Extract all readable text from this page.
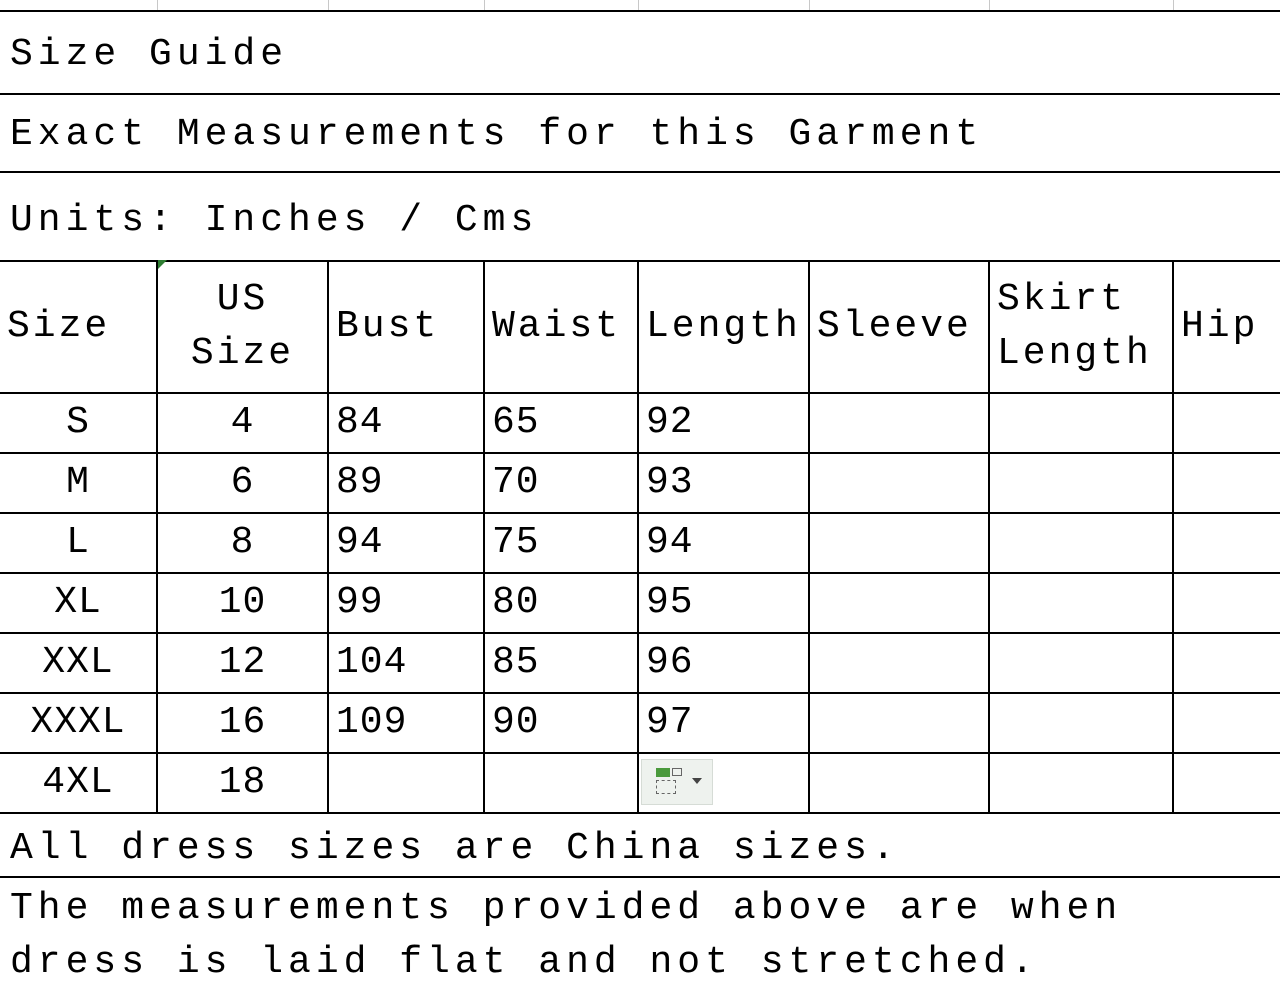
Size Guide
Exact Measurements for this Garment
Units: Inches / Cms
Size	US Size	Bust	Waist	Length	Sleeve	Skirt Length	Hip
S	4	84	65	92			
M	6	89	70	93			
L	8	94	75	94			
XL	10	99	80	95			
XXL	12	104	85	96			
XXXL	16	109	90	97			
4XL	18			

All dress sizes are China sizes.
The measurements provided above are when dress is laid flat and not stretched.
